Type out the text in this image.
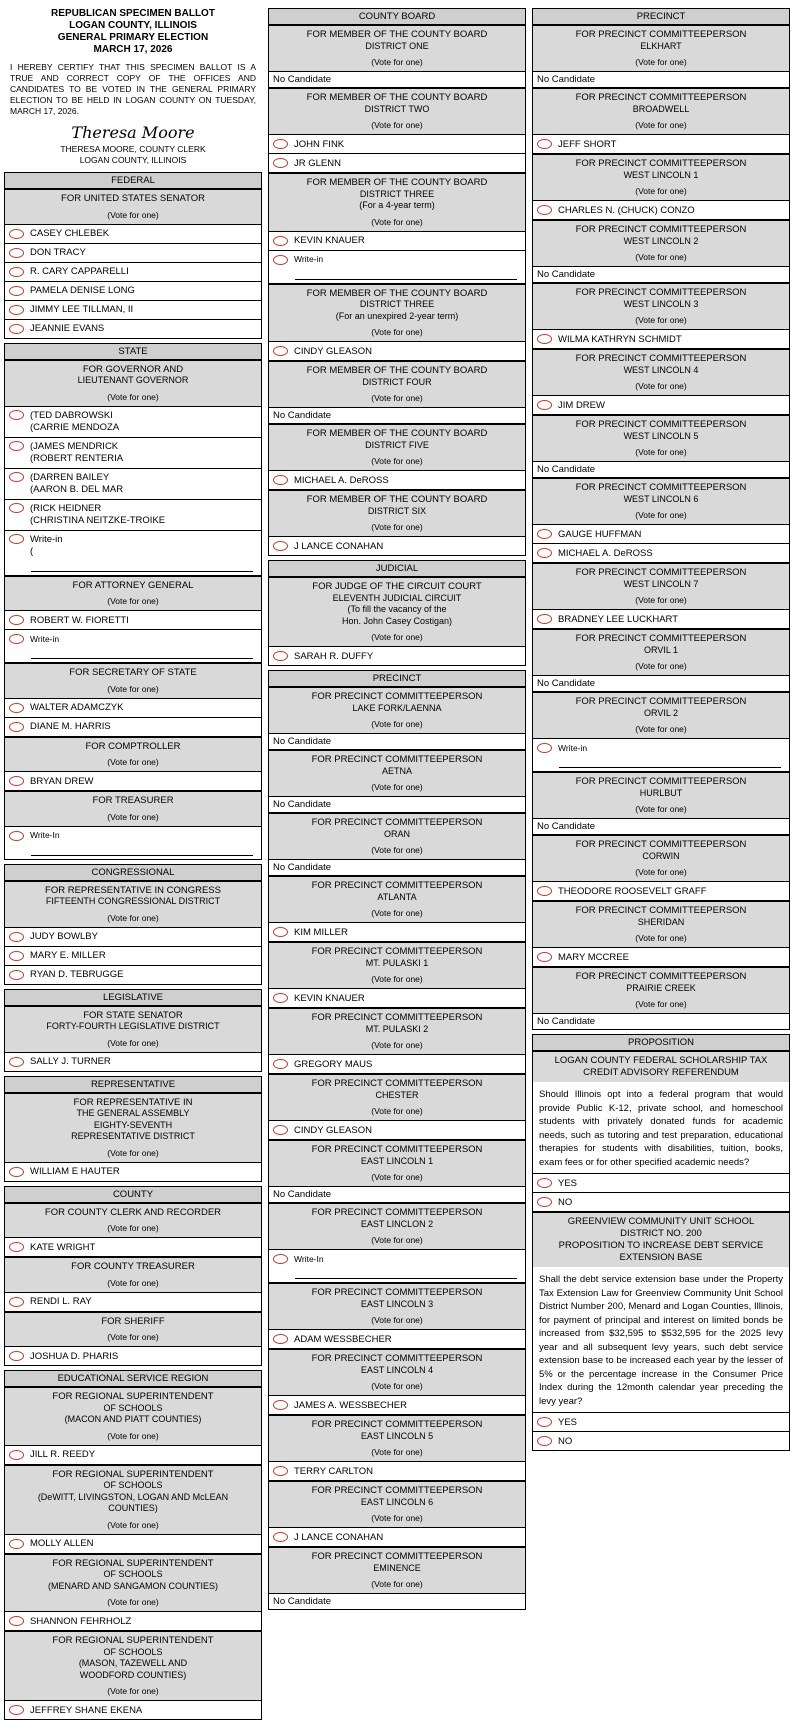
REPUBLICAN SPECIMEN BALLOT
LOGAN COUNTY, ILLINOIS
GENERAL PRIMARY ELECTION
MARCH 17, 2026
I HEREBY CERTIFY THAT THIS SPECIMEN BALLOT IS A TRUE AND CORRECT COPY OF THE OFFICES AND CANDIDATES TO BE VOTED IN THE GENERAL PRIMARY ELECTION TO BE HELD IN LOGAN COUNTY ON TUESDAY, MARCH 17, 2026.
Theresa Moore
THERESA MOORE, COUNTY CLERK
LOGAN COUNTY, ILLINOIS
FEDERAL
FOR UNITED STATES SENATOR
(Vote for one)
CASEY CHLEBEK
DON TRACY
R. CARY CAPPARELLI
PAMELA DENISE LONG
JIMMY LEE TILLMAN, II
JEANNIE EVANS
STATE
FOR GOVERNOR AND
LIEUTENANT GOVERNOR
(Vote for one)
(TED DABROWSKI
(CARRIE MENDOZA
(JAMES MENDRICK
(ROBERT RENTERIA
(DARREN BAILEY
(AARON B. DEL MAR
(RICK HEIDNER
(CHRISTINA NEITZKE-TROIKE
Write-in
(
FOR ATTORNEY GENERAL
(Vote for one)
ROBERT W. FIORETTI
Write-in
FOR SECRETARY OF STATE
(Vote for one)
WALTER ADAMCZYK
DIANE M. HARRIS
FOR COMPTROLLER
(Vote for one)
BRYAN DREW
FOR TREASURER
(Vote for one)
Write-In
CONGRESSIONAL
FOR REPRESENTATIVE IN CONGRESS
FIFTEENTH CONGRESSIONAL DISTRICT
(Vote for one)
JUDY BOWLBY
MARY E. MILLER
RYAN D. TEBRUGGE
LEGISLATIVE
FOR STATE SENATOR
FORTY-FOURTH LEGISLATIVE DISTRICT
(Vote for one)
SALLY J. TURNER
REPRESENTATIVE
FOR REPRESENTATIVE IN
THE GENERAL ASSEMBLY
EIGHTY-SEVENTH
REPRESENTATIVE DISTRICT
(Vote for one)
WILLIAM E HAUTER
COUNTY
FOR COUNTY CLERK AND RECORDER
(Vote for one)
KATE WRIGHT
FOR COUNTY TREASURER
(Vote for one)
RENDI L. RAY
FOR SHERIFF
(Vote for one)
JOSHUA D. PHARIS
EDUCATIONAL SERVICE REGION
FOR REGIONAL SUPERINTENDENT
OF SCHOOLS
(MACON AND PIATT COUNTIES)
(Vote for one)
JILL R. REEDY
FOR REGIONAL SUPERINTENDENT
OF SCHOOLS
(DeWITT, LIVINGSTON, LOGAN AND McLEAN
COUNTIES)
(Vote for one)
MOLLY ALLEN
FOR REGIONAL SUPERINTENDENT
OF SCHOOLS
(MENARD AND SANGAMON COUNTIES)
(Vote for one)
SHANNON FEHRHOLZ
FOR REGIONAL SUPERINTENDENT
OF SCHOOLS
(MASON, TAZEWELL AND
WOODFORD COUNTIES)
(Vote for one)
JEFFREY SHANE EKENA
COUNTY BOARD
FOR MEMBER OF THE COUNTY BOARD
DISTRICT ONE
(Vote for one)
No Candidate
FOR MEMBER OF THE COUNTY BOARD
DISTRICT TWO
(Vote for one)
JOHN FINK
JR GLENN
FOR MEMBER OF THE COUNTY BOARD
DISTRICT THREE
(For a 4-year term)
(Vote for one)
KEVIN KNAUER
Write-in
FOR MEMBER OF THE COUNTY BOARD
DISTRICT THREE
(For an unexpired 2-year term)
(Vote for one)
CINDY GLEASON
FOR MEMBER OF THE COUNTY BOARD
DISTRICT FOUR
(Vote for one)
No Candidate
FOR MEMBER OF THE COUNTY BOARD
DISTRICT FIVE
(Vote for one)
MICHAEL A. DeROSS
FOR MEMBER OF THE COUNTY BOARD
DISTRICT SIX
(Vote for one)
J LANCE CONAHAN
JUDICIAL
FOR JUDGE OF THE CIRCUIT COURT
ELEVENTH JUDICIAL CIRCUIT
(To fill the vacancy of the
Hon. John Casey Costigan)
(Vote for one)
SARAH R. DUFFY
PRECINCT
FOR PRECINCT COMMITTEEPERSON
LAKE FORK/LAENNA
(Vote for one)
No Candidate
FOR PRECINCT COMMITTEEPERSON
AETNA
(Vote for one)
No Candidate
FOR PRECINCT COMMITTEEPERSON
ORAN
(Vote for one)
No Candidate
FOR PRECINCT COMMITTEEPERSON
ATLANTA
(Vote for one)
KIM MILLER
FOR PRECINCT COMMITTEEPERSON
MT. PULASKI 1
(Vote for one)
KEVIN KNAUER
FOR PRECINCT COMMITTEEPERSON
MT. PULASKI 2
(Vote for one)
GREGORY MAUS
FOR PRECINCT COMMITTEEPERSON
CHESTER
(Vote for one)
CINDY GLEASON
FOR PRECINCT COMMITTEEPERSON
EAST LINCOLN 1
(Vote for one)
No Candidate
FOR PRECINCT COMMITTEEPERSON
EAST LINCLON 2
(Vote for one)
Write-In
FOR PRECINCT COMMITTEEPERSON
EAST LINCOLN 3
(Vote for one)
ADAM WESSBECHER
FOR PRECINCT COMMITTEEPERSON
EAST LINCOLN 4
(Vote for one)
JAMES A. WESSBECHER
FOR PRECINCT COMMITTEEPERSON
EAST LINCOLN 5
(Vote for one)
TERRY CARLTON
FOR PRECINCT COMMITTEEPERSON
EAST LINCOLN 6
(Vote for one)
J LANCE CONAHAN
FOR PRECINCT COMMITTEEPERSON
EMINENCE
(Vote for one)
No Candidate
PRECINCT
FOR PRECINCT COMMITTEEPERSON
ELKHART
(Vote for one)
No Candidate
FOR PRECINCT COMMITTEEPERSON
BROADWELL
(Vote for one)
JEFF SHORT
FOR PRECINCT COMMITTEEPERSON
WEST LINCOLN 1
(Vote for one)
CHARLES N. (CHUCK) CONZO
FOR PRECINCT COMMITTEEPERSON
WEST LINCOLN 2
(Vote for one)
No Candidate
FOR PRECINCT COMMITTEEPERSON
WEST LINCOLN 3
(Vote for one)
WILMA KATHRYN SCHMIDT
FOR PRECINCT COMMITTEEPERSON
WEST LINCOLN 4
(Vote for one)
JIM DREW
FOR PRECINCT COMMITTEEPERSON
WEST LINCOLN 5
(Vote for one)
No Candidate
FOR PRECINCT COMMITTEEPERSON
WEST LINCOLN 6
(Vote for one)
GAUGE HUFFMAN
MICHAEL A. DeROSS
FOR PRECINCT COMMITTEEPERSON
WEST LINCOLN 7
(Vote for one)
BRADNEY LEE LUCKHART
FOR PRECINCT COMMITTEEPERSON
ORVIL 1
(Vote for one)
No Candidate
FOR PRECINCT COMMITTEEPERSON
ORVIL 2
(Vote for one)
Write-in
FOR PRECINCT COMMITTEEPERSON
HURLBUT
(Vote for one)
No Candidate
FOR PRECINCT COMMITTEEPERSON
CORWIN
(Vote for one)
THEODORE ROOSEVELT GRAFF
FOR PRECINCT COMMITTEEPERSON
SHERIDAN
(Vote for one)
MARY MCCREE
FOR PRECINCT COMMITTEEPERSON
PRAIRIE CREEK
(Vote for one)
No Candidate
PROPOSITION
LOGAN COUNTY FEDERAL SCHOLARSHIP TAX
CREDIT ADVISORY REFERENDUM
Should Illinois opt into a federal program that would provide Public K-12, private school, and homeschool students with privately donated funds for academic needs, such as tutoring and test preparation, educational therapies for students with disabilities, tuition, books, exam fees or for other specified academic needs?
YES
NO
GREENVIEW COMMUNITY UNIT SCHOOL
DISTRICT NO. 200
PROPOSITION TO INCREASE DEBT SERVICE
EXTENSION BASE
Shall the debt service extension base under the Property Tax Extension Law for Greenview Community Unit School District Number 200, Menard and Logan Counties, Illinois, for payment of principal and interest on limited bonds be increased from $32,595 to $532,595 for the 2025 levy year and all subsequent levy years, such debt service extension base to be increased each year by the lesser of 5% or the percentage increase in the Consumer Price Index during the 12month calendar year preceding the levy year?
YES
NO
